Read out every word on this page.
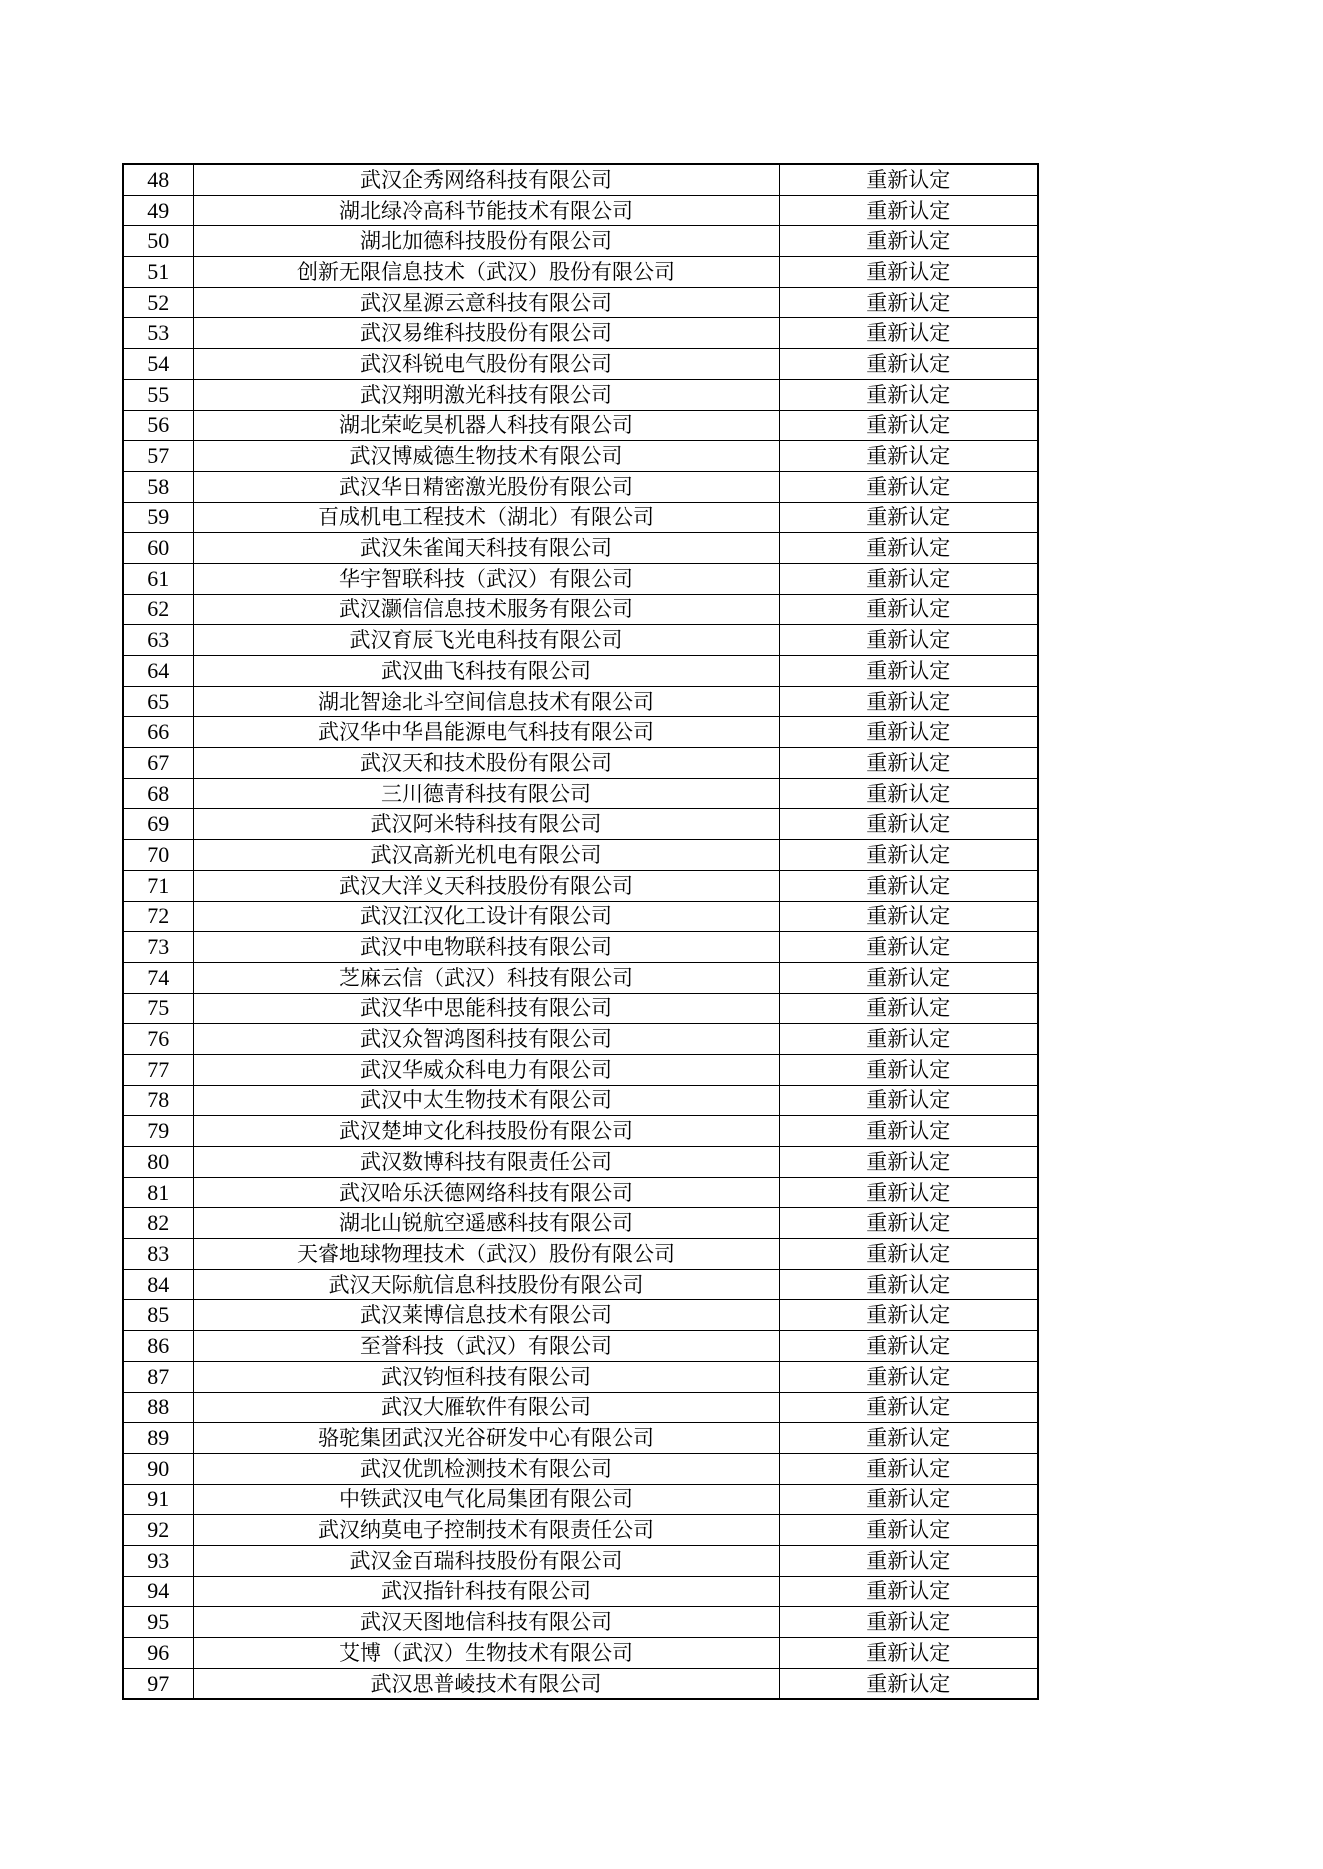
48	武汉企秀网络科技有限公司	重新认定
49	湖北绿冷高科节能技术有限公司	重新认定
50	湖北加德科技股份有限公司	重新认定
51	创新无限信息技术（武汉）股份有限公司	重新认定
52	武汉星源云意科技有限公司	重新认定
53	武汉易维科技股份有限公司	重新认定
54	武汉科锐电气股份有限公司	重新认定
55	武汉翔明激光科技有限公司	重新认定
56	湖北荣屹昊机器人科技有限公司	重新认定
57	武汉博威德生物技术有限公司	重新认定
58	武汉华日精密激光股份有限公司	重新认定
59	百成机电工程技术（湖北）有限公司	重新认定
60	武汉朱雀闻天科技有限公司	重新认定
61	华宇智联科技（武汉）有限公司	重新认定
62	武汉灏信信息技术服务有限公司	重新认定
63	武汉育辰飞光电科技有限公司	重新认定
64	武汉曲飞科技有限公司	重新认定
65	湖北智途北斗空间信息技术有限公司	重新认定
66	武汉华中华昌能源电气科技有限公司	重新认定
67	武汉天和技术股份有限公司	重新认定
68	三川德青科技有限公司	重新认定
69	武汉阿米特科技有限公司	重新认定
70	武汉高新光机电有限公司	重新认定
71	武汉大洋义天科技股份有限公司	重新认定
72	武汉江汉化工设计有限公司	重新认定
73	武汉中电物联科技有限公司	重新认定
74	芝麻云信（武汉）科技有限公司	重新认定
75	武汉华中思能科技有限公司	重新认定
76	武汉众智鸿图科技有限公司	重新认定
77	武汉华威众科电力有限公司	重新认定
78	武汉中太生物技术有限公司	重新认定
79	武汉楚坤文化科技股份有限公司	重新认定
80	武汉数博科技有限责任公司	重新认定
81	武汉哈乐沃德网络科技有限公司	重新认定
82	湖北山锐航空遥感科技有限公司	重新认定
83	天睿地球物理技术（武汉）股份有限公司	重新认定
84	武汉天际航信息科技股份有限公司	重新认定
85	武汉莱博信息技术有限公司	重新认定
86	至誉科技（武汉）有限公司	重新认定
87	武汉钧恒科技有限公司	重新认定
88	武汉大雁软件有限公司	重新认定
89	骆驼集团武汉光谷研发中心有限公司	重新认定
90	武汉优凯检测技术有限公司	重新认定
91	中铁武汉电气化局集团有限公司	重新认定
92	武汉纳莫电子控制技术有限责任公司	重新认定
93	武汉金百瑞科技股份有限公司	重新认定
94	武汉指针科技有限公司	重新认定
95	武汉天图地信科技有限公司	重新认定
96	艾博（武汉）生物技术有限公司	重新认定
97	武汉思普崚技术有限公司	重新认定
